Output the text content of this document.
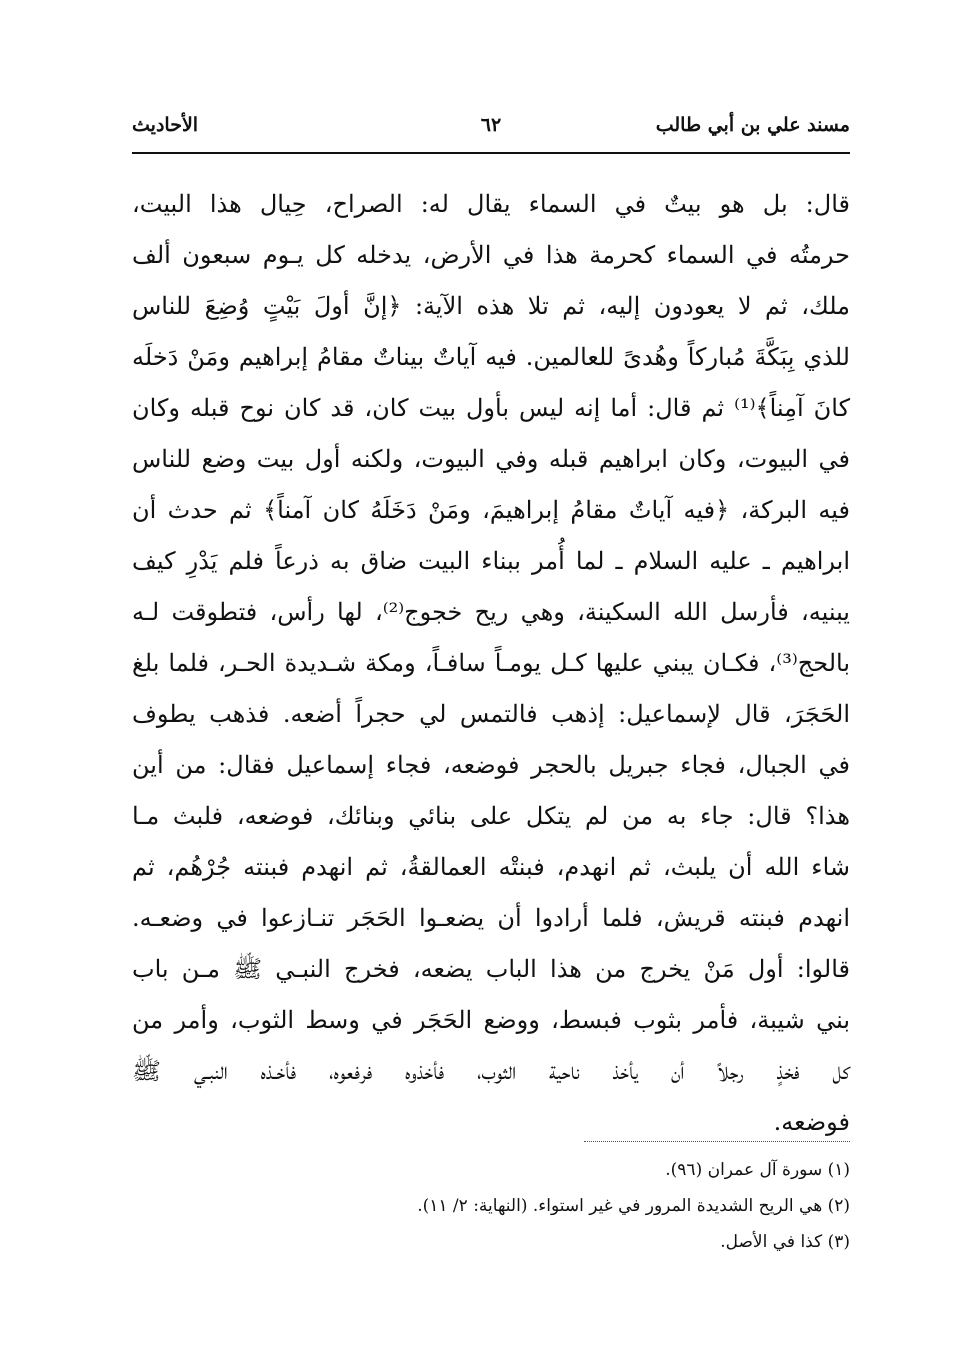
مسند علي بن أبي طالب
٦٢
الأحاديث
قال: بل هو بيتٌ في السماء يقال له: الصراح، حِيال هذا البيت،
حرمتُه في السماء كحرمة هذا في الأرض، يدخله كل يـوم سبعون ألف
ملك، ثم لا يعودون إليه، ثم تلا هذه الآية: ﴿إنَّ أولَ بَيْتٍ وُضِعَ للناس
للذي بِبَكَّةَ مُباركاً وهُدىً للعالمين. فيه آياتٌ بيناتٌ مقامُ إبراهيم ومَنْ دَخلَه
كانَ آمِناً﴾⁽¹⁾ ثم قال: أما إنه ليس بأول بيت كان، قد كان نوح قبله وكان
في البيوت، وكان ابراهيم قبله وفي البيوت، ولكنه أول بيت وضع للناس
فيه البركة، ﴿فيه آياتٌ مقامُ إبراهيمَ، ومَنْ دَخَلَهُ كان آمناً﴾ ثم حدث أن
ابراهيم ـ عليه السلام ـ لما أُمر ببناء البيت ضاق به ذرعاً فلم يَدْرِ كيف
يبنيه، فأرسل الله السكينة، وهي ريح خجوج⁽²⁾، لها رأس، فتطوقت لـه
بالحج⁽³⁾، فكـان يبني عليها كـل يومـاً سافـاً، ومكة شـديدة الحـر، فلما بلغ
الحَجَرَ، قال لإسماعيل: إذهب فالتمس لي حجراً أضعه. فذهب يطوف
في الجبال، فجاء جبريل بالحجر فوضعه، فجاء إسماعيل فقال: من أين
هذا؟ قال: جاء به من لم يتكل على بنائي وبنائك، فوضعه، فلبث مـا
شاء الله أن يلبث، ثم انهدم، فبنتْه العمالقةُ، ثم انهدم فبنته جُرْهُم، ثم
انهدم فبنته قريش، فلما أرادوا أن يضعـوا الحَجَر تنـازعوا في وضعـه.
قالوا: أول مَنْ يخرج من هذا الباب يضعه، فخرج النبـي ﷺ مـن باب
بني شيبة، فأمر بثوب فبسط، ووضع الحَجَر في وسط الثوب، وأمر من
كل فخذٍ رجلاً أن يأخذ ناحية الثوب، فأخذوه فرفعوه، فأخـذه النبـي ﷺ
فوضعه.
(١) سورة آل عمران (٩٦).
(٢) هي الريح الشديدة المرور في غير استواء. (النهاية: ٢/ ١١).
(٣) كذا في الأصل.
